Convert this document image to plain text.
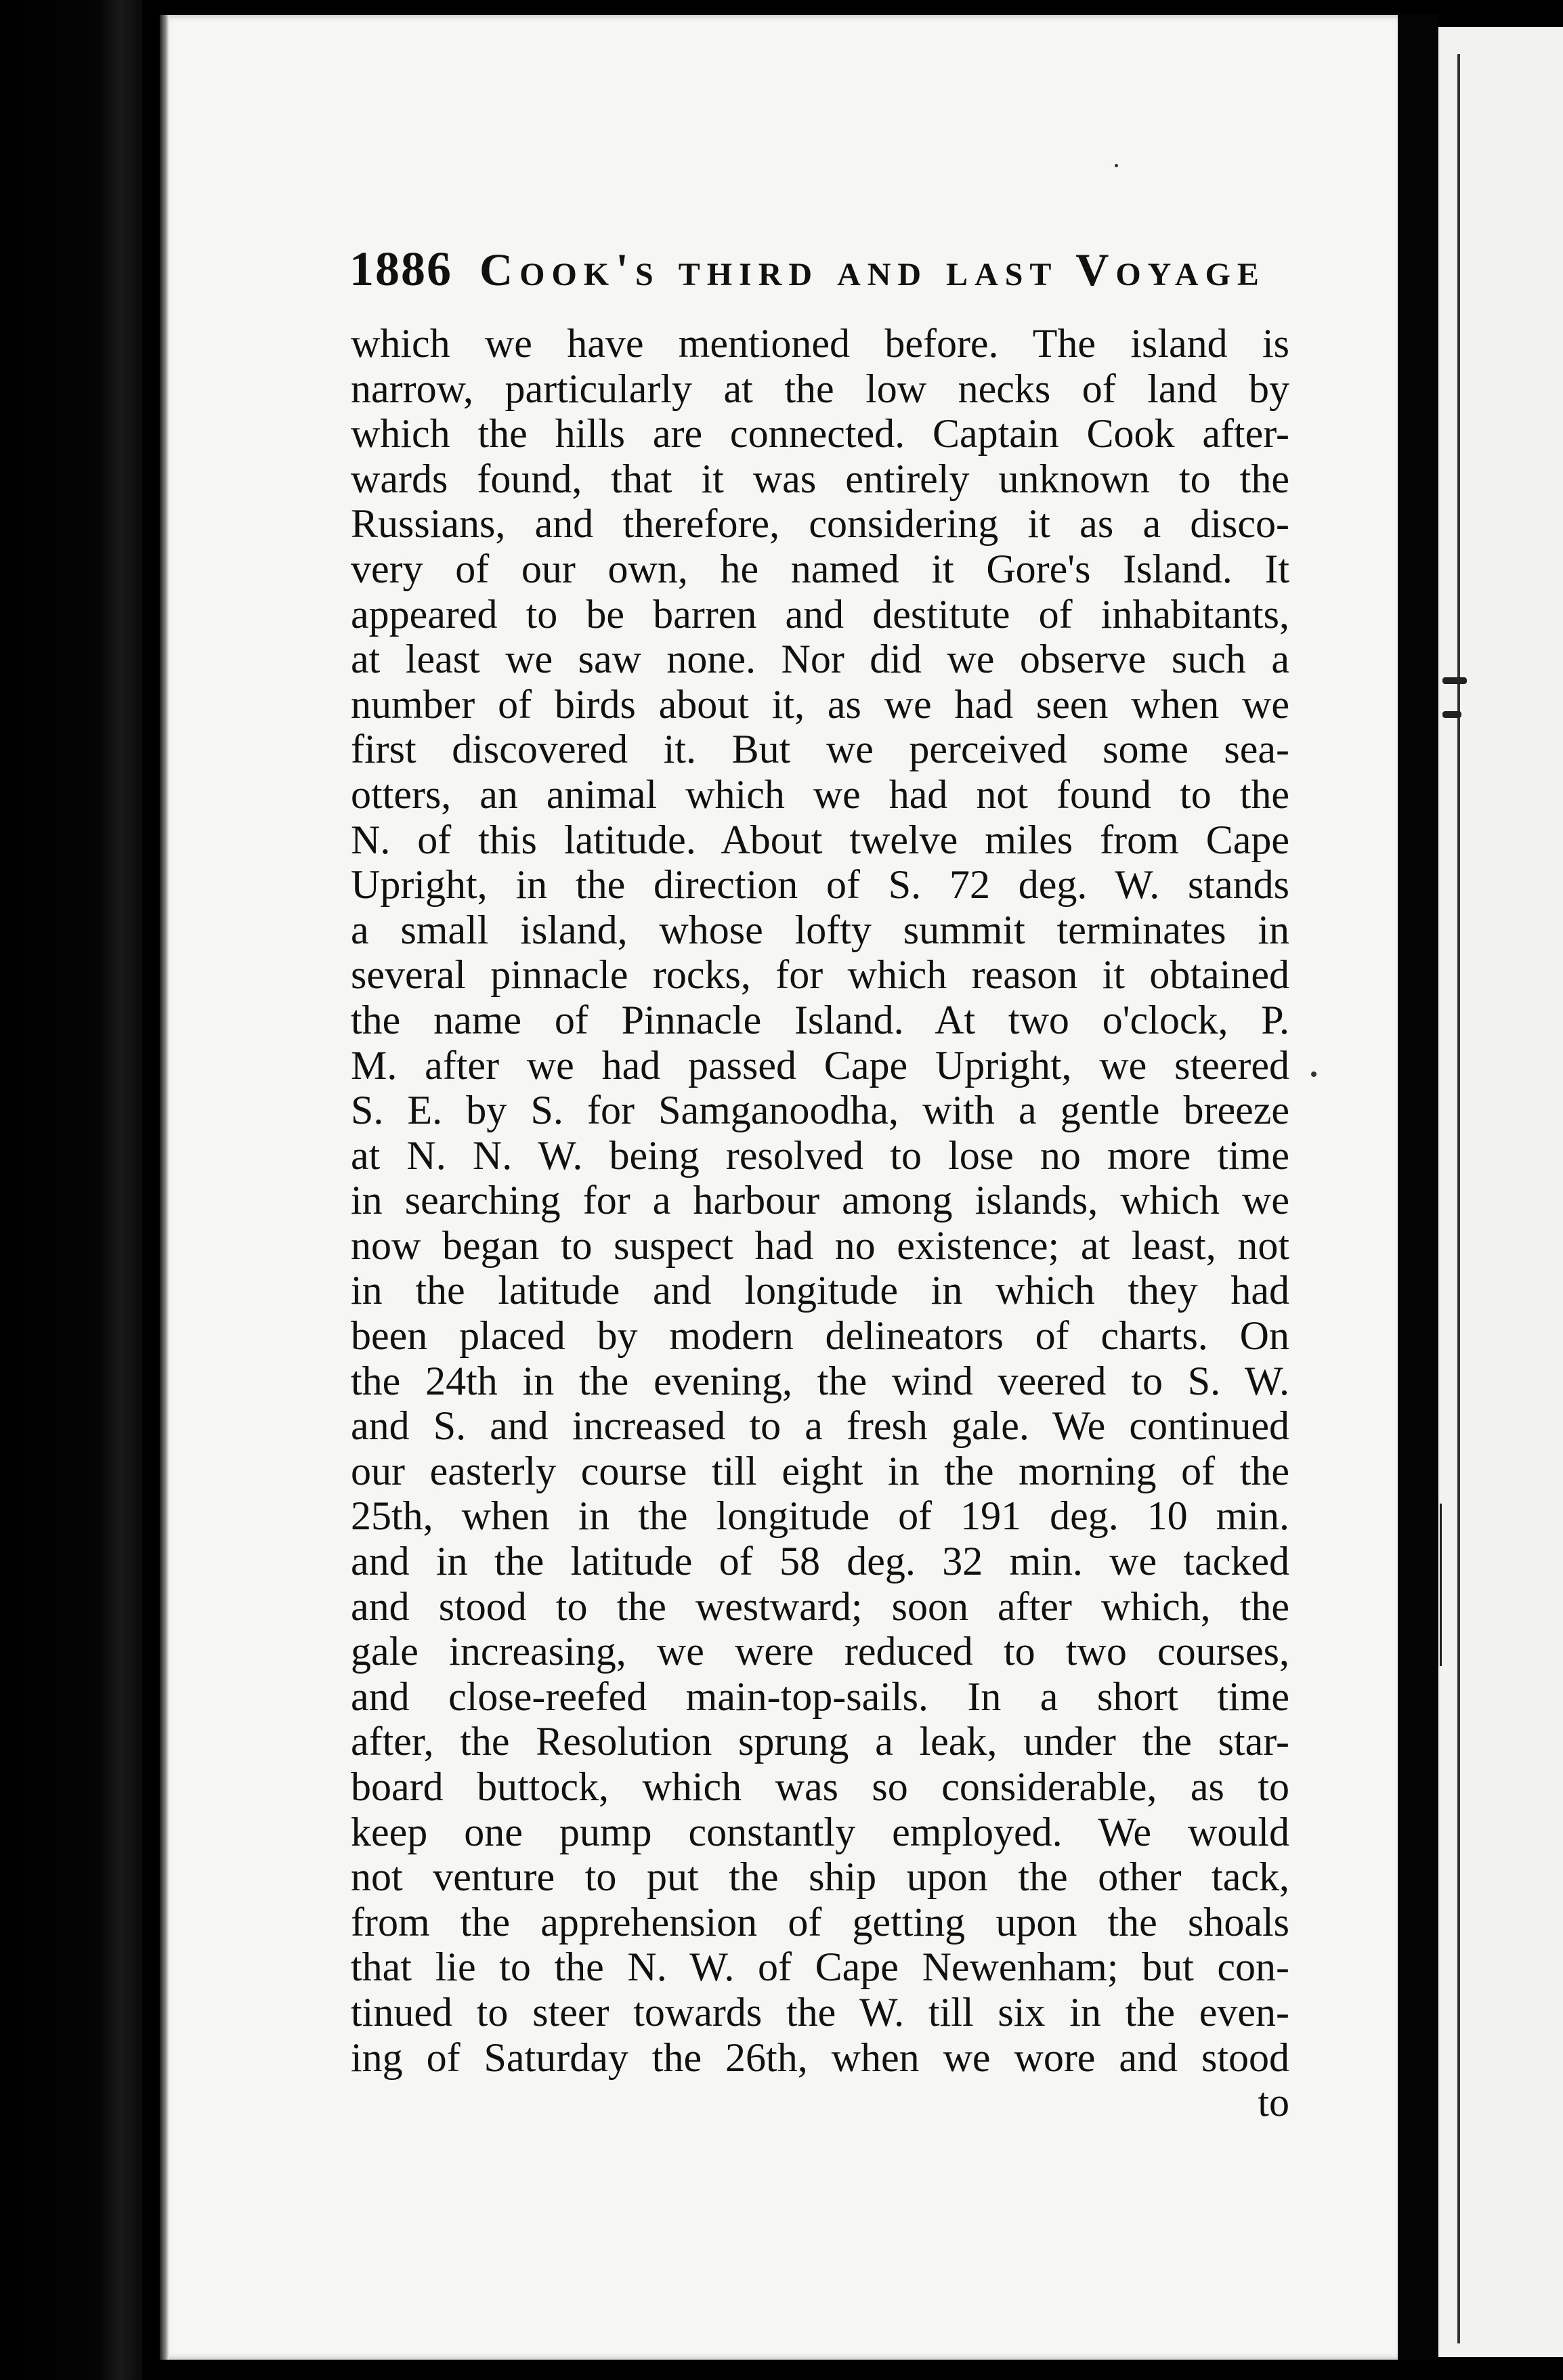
1886 Cook's third and last Voyage
which we have mentioned before. The island is
narrow, particularly at the low necks of land by
which the hills are connected. Captain Cook after-
wards found, that it was entirely unknown to the
Russians, and therefore, considering it as a disco-
very of our own, he named it Gore's Island. It
appeared to be barren and destitute of inhabitants,
at least we saw none. Nor did we observe such a
number of birds about it, as we had seen when we
first discovered it. But we perceived some sea-
otters, an animal which we had not found to the
N. of this latitude. About twelve miles from Cape
Upright, in the direction of S. 72 deg. W. stands
a small island, whose lofty summit terminates in
several pinnacle rocks, for which reason it obtained
the name of Pinnacle Island. At two o'clock, P.
M. after we had passed Cape Upright, we steered
S. E. by S. for Samganoodha, with a gentle breeze
at N. N. W. being resolved to lose no more time
in searching for a harbour among islands, which we
now began to suspect had no existence; at least, not
in the latitude and longitude in which they had
been placed by modern delineators of charts. On
the 24th in the evening, the wind veered to S. W.
and S. and increased to a fresh gale. We continued
our easterly course till eight in the morning of the
25th, when in the longitude of 191 deg. 10 min.
and in the latitude of 58 deg. 32 min. we tacked
and stood to the westward; soon after which, the
gale increasing, we were reduced to two courses,
and close-reefed main-top-sails. In a short time
after, the Resolution sprung a leak, under the star-
board buttock, which was so considerable, as to
keep one pump constantly employed. We would
not venture to put the ship upon the other tack,
from the apprehension of getting upon the shoals
that lie to the N. W. of Cape Newenham; but con-
tinued to steer towards the W. till six in the even-
ing of Saturday the 26th, when we wore and stood
to
